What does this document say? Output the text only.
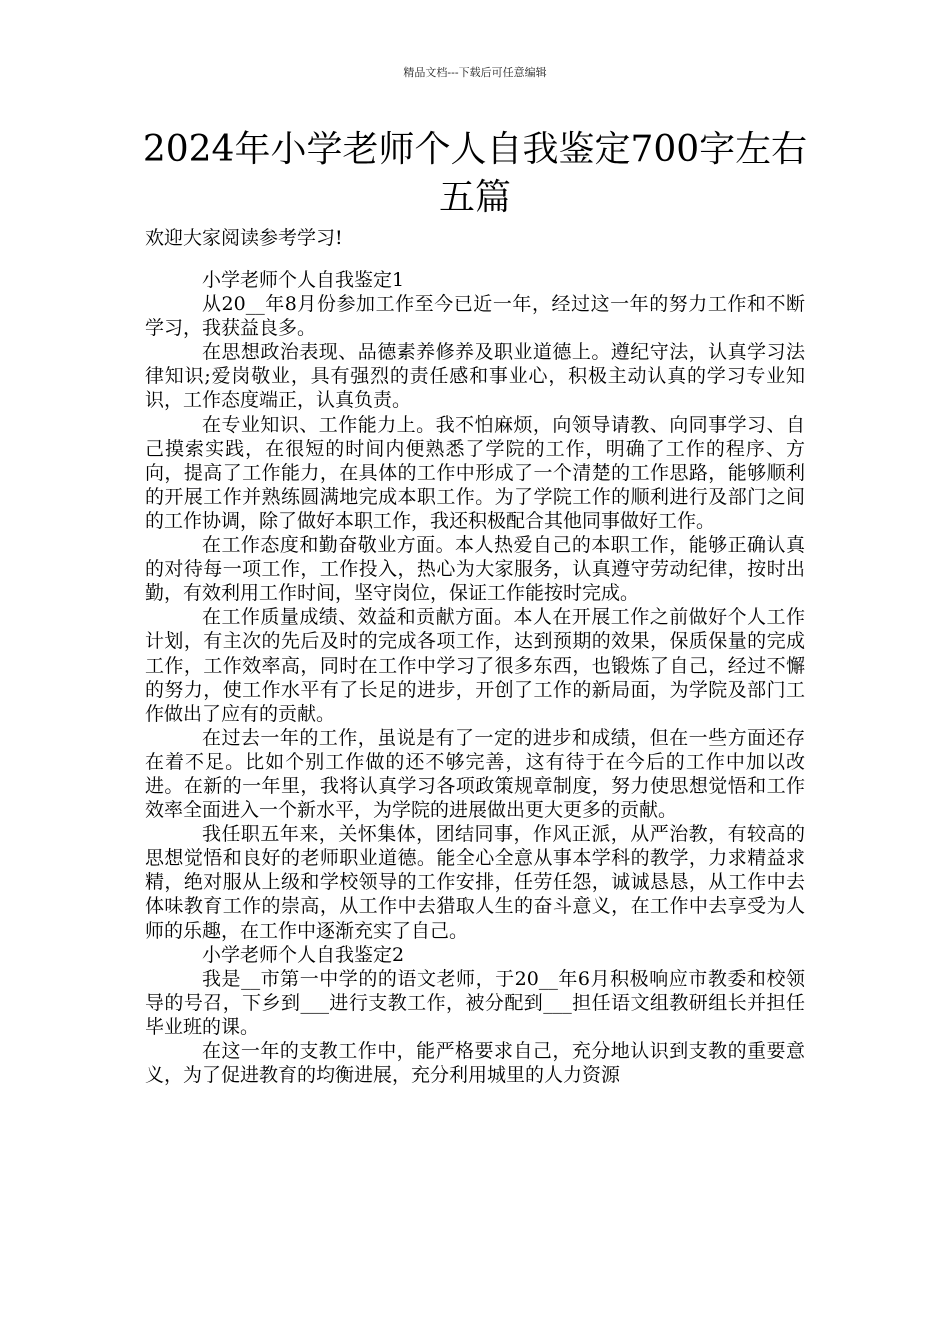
精品文档---下载后可任意编辑
2024年小学老师个人自我鉴定700字左右
五篇
欢迎大家阅读参考学习!

小学老师个人自我鉴定1

从20__年8月份参加工作至今已近一年，经过这一年的努力工作和不断学习，我获益良多。

在思想政治表现、品德素养修养及职业道德上。遵纪守法，认真学习法律知识;爱岗敬业，具有强烈的责任感和事业心，积极主动认真的学习专业知识，工作态度端正，认真负责。

在专业知识、工作能力上。我不怕麻烦，向领导请教、向同事学习、自己摸索实践，在很短的时间内便熟悉了学院的工作，明确了工作的程序、方向，提高了工作能力，在具体的工作中形成了一个清楚的工作思路，能够顺利的开展工作并熟练圆满地完成本职工作。为了学院工作的顺利进行及部门之间的工作协调，除了做好本职工作，我还积极配合其他同事做好工作。

在工作态度和勤奋敬业方面。本人热爱自己的本职工作，能够正确认真的对待每一项工作，工作投入，热心为大家服务，认真遵守劳动纪律，按时出勤，有效利用工作时间，坚守岗位，保证工作能按时完成。

在工作质量成绩、效益和贡献方面。本人在开展工作之前做好个人工作计划，有主次的先后及时的完成各项工作，达到预期的效果，保质保量的完成工作，工作效率高，同时在工作中学习了很多东西，也锻炼了自己，经过不懈的努力，使工作水平有了长足的进步，开创了工作的新局面，为学院及部门工作做出了应有的贡献。

在过去一年的工作，虽说是有了一定的进步和成绩，但在一些方面还存在着不足。比如个别工作做的还不够完善，这有待于在今后的工作中加以改进。在新的一年里，我将认真学习各项政策规章制度，努力使思想觉悟和工作效率全面进入一个新水平，为学院的进展做出更大更多的贡献。

我任职五年来，关怀集体，团结同事，作风正派，从严治教，有较高的思想觉悟和良好的老师职业道德。能全心全意从事本学科的教学，力求精益求精，绝对服从上级和学校领导的工作安排，任劳任怨，诚诚恳恳，从工作中去体味教育工作的崇高，从工作中去猎取人生的奋斗意义，在工作中去享受为人师的乐趣，在工作中逐渐充实了自己。

小学老师个人自我鉴定2

我是__市第一中学的的语文老师，于20__年6月积极响应市教委和校领导的号召，下乡到___进行支教工作，被分配到___担任语文组教研组长并担任毕业班的课。

在这一年的支教工作中，能严格要求自己，充分地认识到支教的重要意义，为了促进教育的均衡进展，充分利用城里的人力资源
